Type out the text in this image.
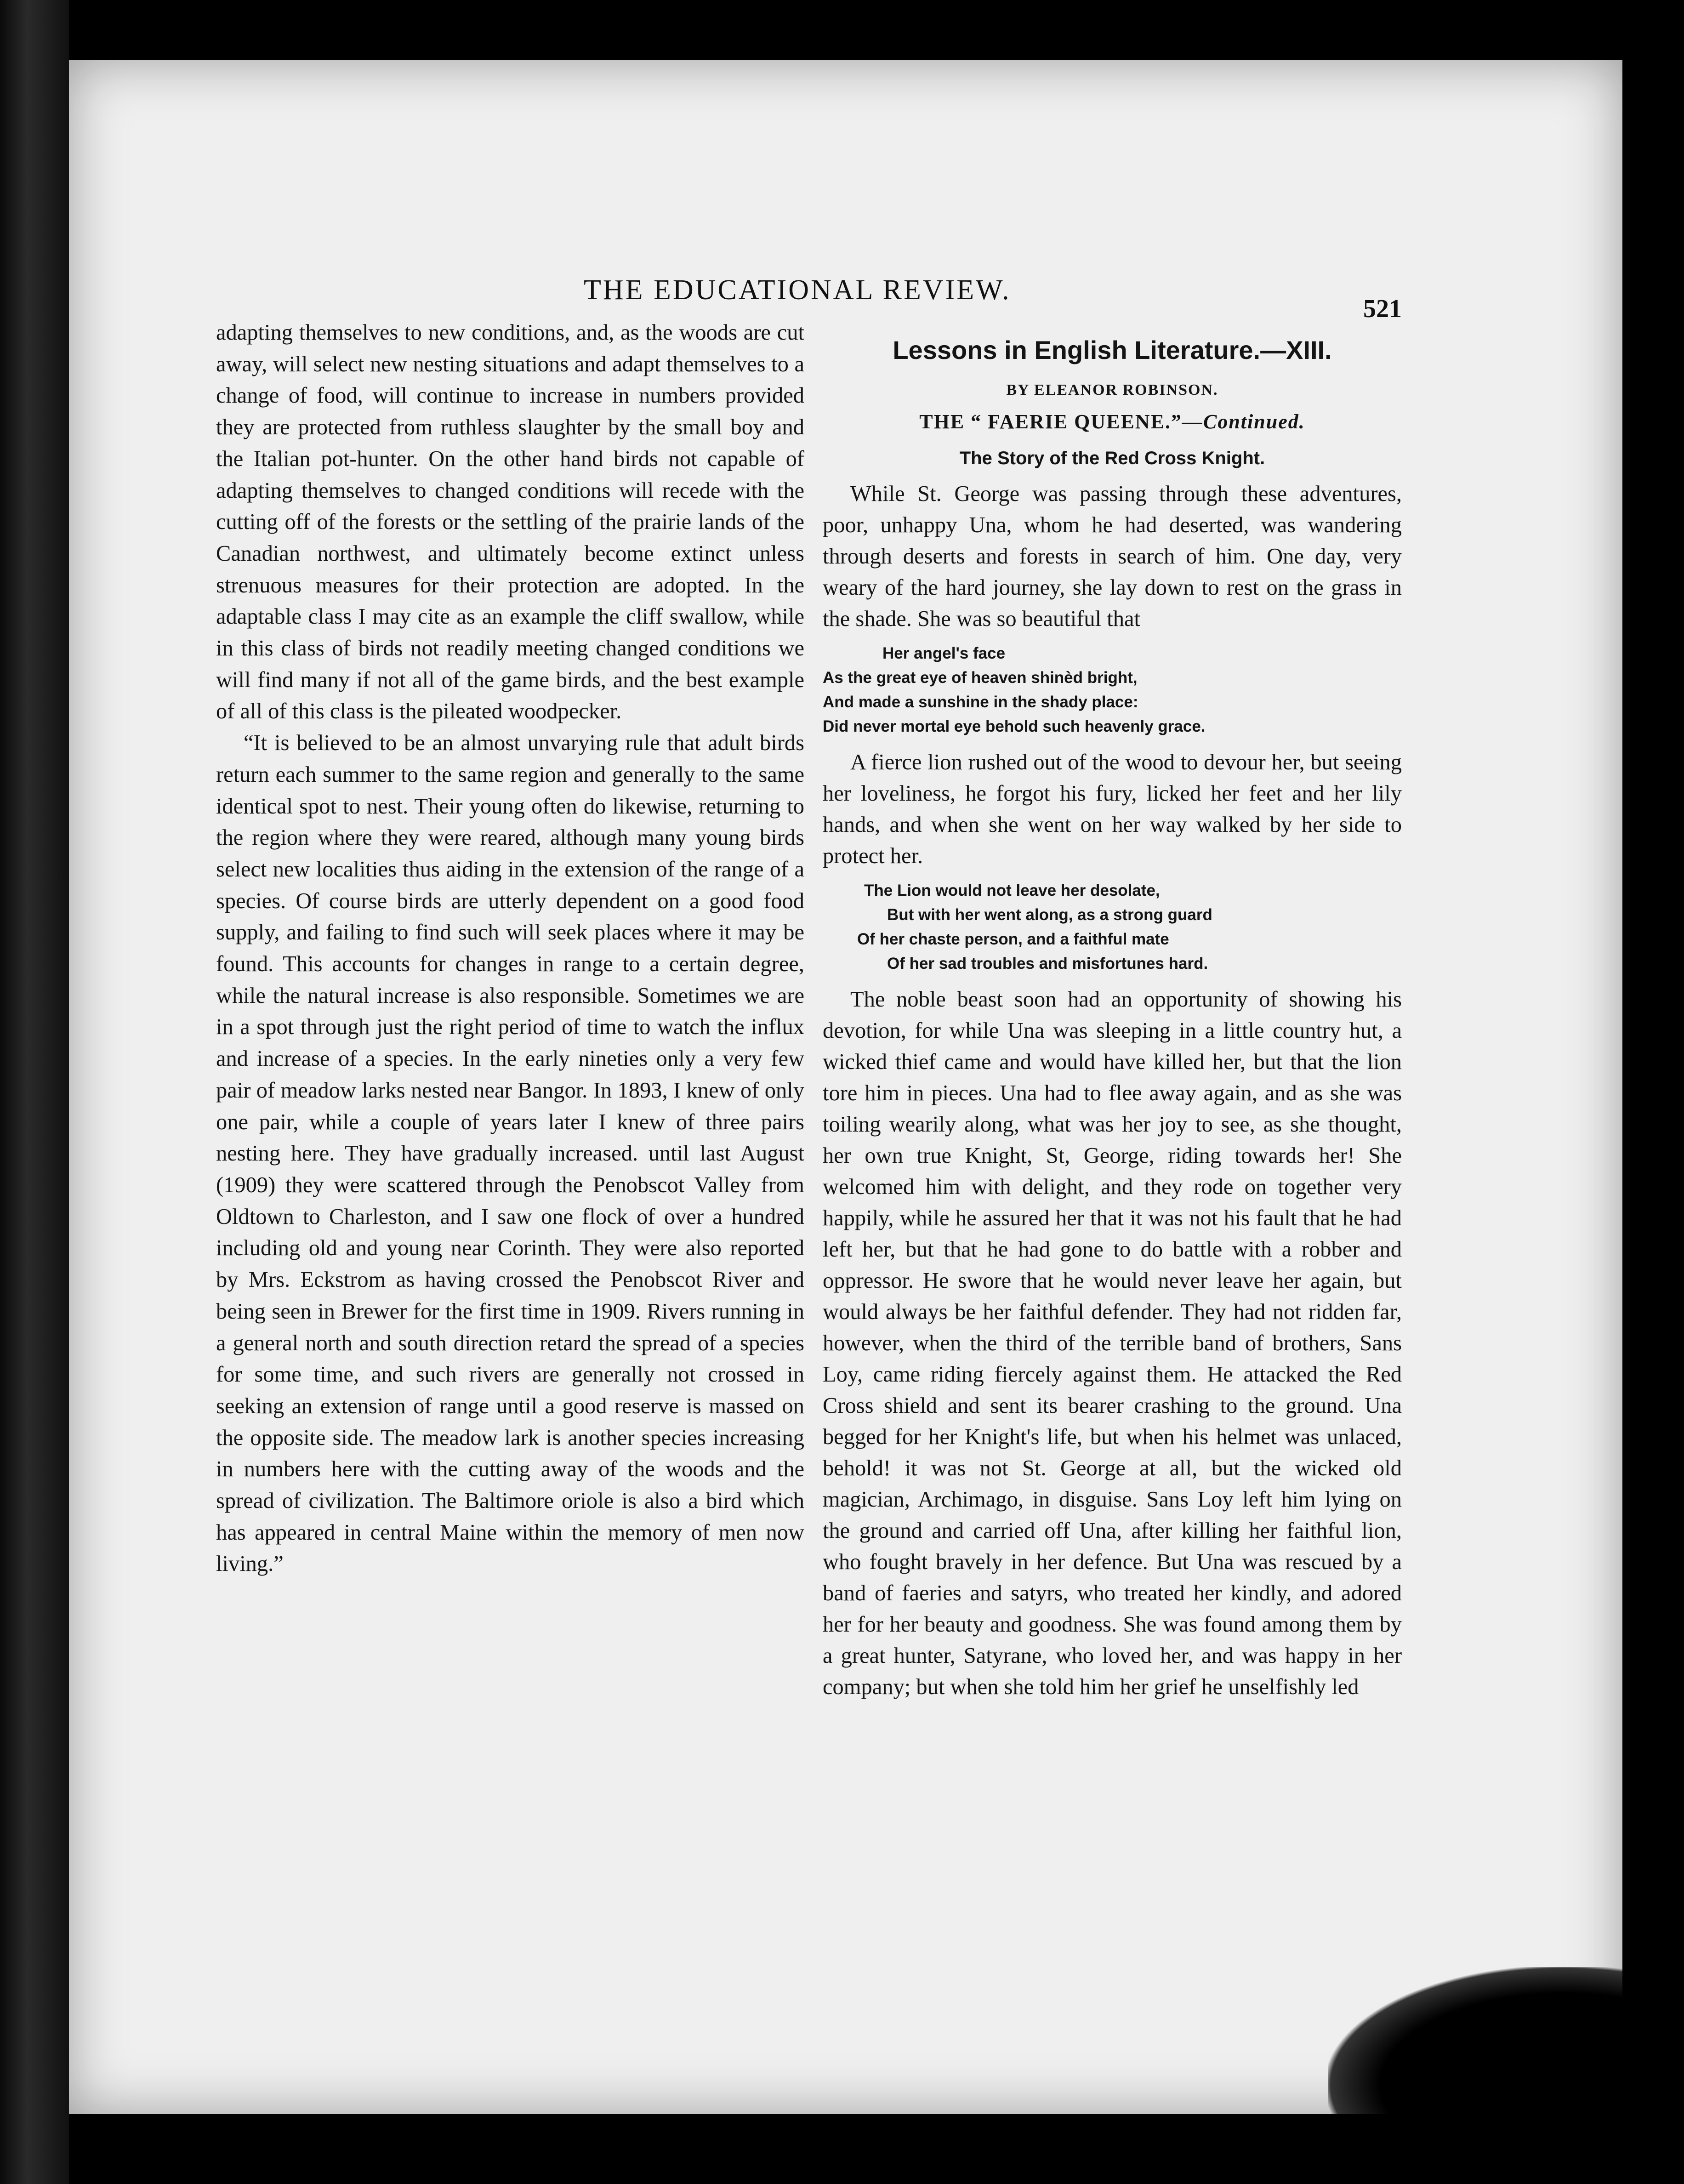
THE EDUCATIONAL REVIEW.
521

adapting themselves to new conditions, and, as the woods are cut away, will select new nesting situations and adapt themselves to a change of food, will continue to increase in numbers provided they are protected from ruthless slaughter by the small boy and the Italian pot-hunter. On the other hand birds not capable of adapting themselves to changed conditions will recede with the cutting off of the forests or the settling of the prairie lands of the Canadian northwest, and ultimately become extinct unless strenuous measures for their protection are adopted. In the adaptable class I may cite as an example the cliff swallow, while in this class of birds not readily meeting changed conditions we will find many if not all of the game birds, and the best example of all of this class is the pileated woodpecker.

“It is believed to be an almost unvarying rule that adult birds return each summer to the same region and generally to the same identical spot to nest. Their young often do likewise, returning to the region where they were reared, although many young birds select new localities thus aiding in the extension of the range of a species. Of course birds are utterly dependent on a good food supply, and failing to find such will seek places where it may be found. This accounts for changes in range to a certain degree, while the natural increase is also responsible. Sometimes we are in a spot through just the right period of time to watch the influx and increase of a species. In the early nineties only a very few pair of meadow larks nested near Bangor. In 1893, I knew of only one pair, while a couple of years later I knew of three pairs nesting here. They have gradually increased. until last August (1909) they were scattered through the Penobscot Valley from Oldtown to Charleston, and I saw one flock of over a hundred including old and young near Corinth. They were also reported by Mrs. Eckstrom as having crossed the Penobscot River and being seen in Brewer for the first time in 1909. Rivers running in a general north and south direction retard the spread of a species for some time, and such rivers are generally not crossed in seeking an extension of range until a good reserve is massed on the opposite side. The meadow lark is another species increasing in numbers here with the cutting away of the woods and the spread of civilization. The Baltimore oriole is also a bird which has appeared in central Maine within the memory of men now living.”

Lessons in English Literature.—XIII.
BY ELEANOR ROBINSON.
THE “ FAERIE QUEENE.”—Continued.
The Story of the Red Cross Knight.

While St. George was passing through these adventures, poor, unhappy Una, whom he had deserted, was wandering through deserts and forests in search of him. One day, very weary of the hard journey, she lay down to rest on the grass in the shade. She was so beautiful that

Her angel's face
As the great eye of heaven shinèd bright,
And made a sunshine in the shady place:
Did never mortal eye behold such heavenly grace.

A fierce lion rushed out of the wood to devour her, but seeing her loveliness, he forgot his fury, licked her feet and her lily hands, and when she went on her way walked by her side to protect her.

The Lion would not leave her desolate,
But with her went along, as a strong guard
Of her chaste person, and a faithful mate
Of her sad troubles and misfortunes hard.

The noble beast soon had an opportunity of showing his devotion, for while Una was sleeping in a little country hut, a wicked thief came and would have killed her, but that the lion tore him in pieces. Una had to flee away again, and as she was toiling wearily along, what was her joy to see, as she thought, her own true Knight, St, George, riding towards her! She welcomed him with delight, and they rode on together very happily, while he assured her that it was not his fault that he had left her, but that he had gone to do battle with a robber and oppressor. He swore that he would never leave her again, but would always be her faithful defender. They had not ridden far, however, when the third of the terrible band of brothers, Sans Loy, came riding fiercely against them. He attacked the Red Cross shield and sent its bearer crashing to the ground. Una begged for her Knight's life, but when his helmet was unlaced, behold! it was not St. George at all, but the wicked old magician, Archimago, in disguise. Sans Loy left him lying on the ground and carried off Una, after killing her faithful lion, who fought bravely in her defence. But Una was rescued by a band of faeries and satyrs, who treated her kindly, and adored her for her beauty and goodness. She was found among them by a great hunter, Satyrane, who loved her, and was happy in her company; but when she told him her grief he unselfishly led
